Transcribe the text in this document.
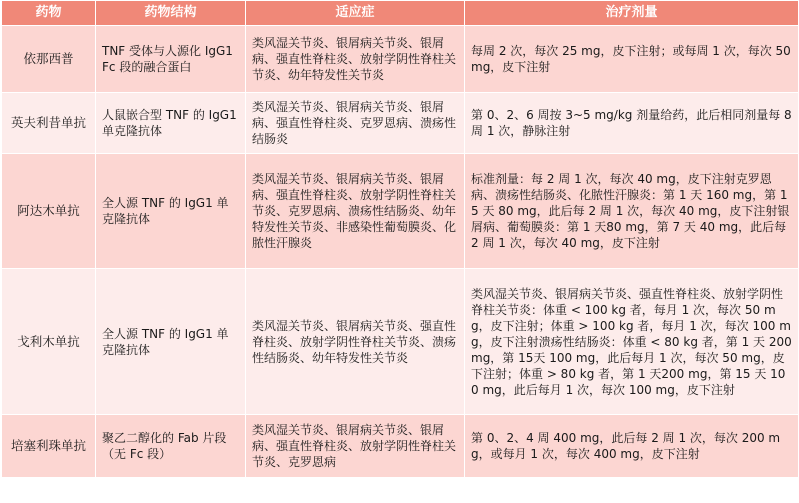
药物	药物结构	适应症	治疗剂量
依那西普	TNF 受体与人源化 IgG1 Fc 段的融合蛋白	类风湿关节炎、银屑病关节炎、银屑病、强直性脊柱炎、放射学阴性脊柱关节炎、幼年特发性关节炎	每周 2 次，每次 25 mg，皮下注射；或每周 1 次，每次 50 mg，皮下注射
英夫利昔单抗	人鼠嵌合型 TNF 的 IgG1 单克隆抗体	类风湿关节炎、银屑病关节炎、银屑病、强直性脊柱炎、克罗恩病、溃疡性结肠炎	第 0、2、6 周按 3~5 mg/kg 剂量给药，此后相同剂量每 8 周 1 次，静脉注射
阿达木单抗	全人源 TNF 的 IgG1 单克隆抗体	类风湿关节炎、银屑病关节炎、银屑病、强直性脊柱炎、放射学阴性脊柱关节炎、克罗恩病、溃疡性结肠炎、幼年特发性关节炎、非感染性葡萄膜炎、化脓性汗腺炎	标准剂量：每 2 周 1 次，每次 40 mg，皮下注射克罗恩病、溃疡性结肠炎、化脓性汗腺炎：第 1 天 160 mg，第 15 天 80 mg，此后每 2 周 1 次，每次 40 mg，皮下注射银屑病、葡萄膜炎：第 1 天80 mg，第 7 天 40 mg，此后每 2 周 1 次，每次 40 mg，皮下注射
戈利木单抗	全人源 TNF 的 IgG1 单克隆抗体	类风湿关节炎、银屑病关节炎、强直性脊柱炎、放射学阴性脊柱关节炎、溃疡性结肠炎、幼年特发性关节炎	类风湿关节炎、银屑病关节炎、强直性脊柱炎、放射学阴性脊柱关节炎：体重 < 100 kg 者，每月 1 次，每次 50 mg，皮下注射；体重 > 100 kg 者，每月 1 次，每次 100 mg，皮下注射溃疡性结肠炎：体重 < 80 kg 者，第 1 天 200 mg，第 15天 100 mg，此后每月 1 次，每次 50 mg，皮下注射；体重 > 80 kg 者，第 1 天200 mg，第 15 天 100 mg，此后每月 1 次，每次 100 mg，皮下注射
培塞利珠单抗	聚乙二醇化的 Fab 片段（无 Fc 段）	类风湿关节炎、银屑病关节炎、银屑病、强直性脊柱炎、放射学阴性脊柱关节炎、克罗恩病	第 0、2、4 周 400 mg，此后每 2 周 1 次，每次 200 mg，或每月 1 次，每次 400 mg，皮下注射
